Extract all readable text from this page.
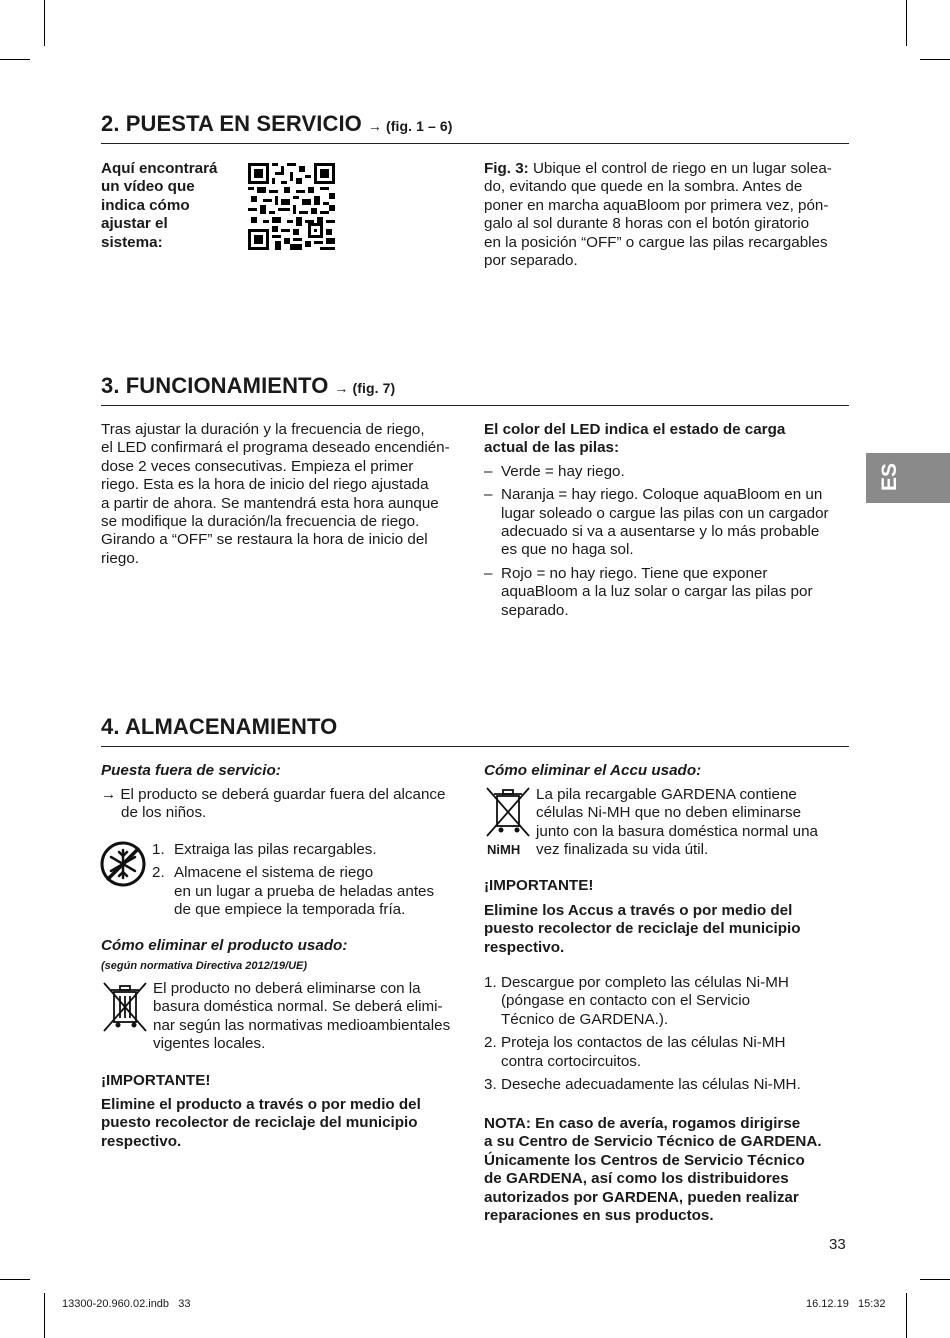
ES
2. PUESTA EN SERVICIO → (fig. 1 – 6)
Aquí encontrará
un vídeo que
indica cómo
ajustar el
sistema:
Fig. 3: Ubique el control de riego en un lugar solea-
do, evitando que quede en la sombra. Antes de
poner en marcha aquaBloom por primera vez, pón-
galo al sol durante 8 horas con el botón giratorio
en la posición “OFF” o cargue las pilas recargables
por separado.
3. FUNCIONAMIENTO → (fig. 7)
Tras ajustar la duración y la frecuencia de riego,
el LED confirmará el programa deseado encendién-
dose 2 veces consecutivas. Empieza el primer
riego. Esta es la hora de inicio del riego ajustada
a partir de ahora. Se mantendrá esta hora aunque
se modifique la duración/la frecuencia de riego.
Girando a “OFF” se restaura la hora de inicio del
riego.
El color del LED indica el estado de carga
actual de las pilas:
– Verde = hay riego.
– Naranja = hay riego. Coloque aquaBloom en un
lugar soleado o cargue las pilas con un cargador
adecuado si va a ausentarse y lo más probable
es que no haga sol.
– Rojo = no hay riego. Tiene que exponer
aquaBloom a la luz solar o cargar las pilas por
separado.
4. ALMACENAMIENTO
Puesta fuera de servicio:
→ El producto se deberá guardar fuera del alcance
de los niños.
1. Extraiga las pilas recargables.
2. Almacene el sistema de riego
en un lugar a prueba de heladas antes
de que empiece la temporada fría.
Cómo eliminar el producto usado:
(según normativa Directiva 2012/19/UE)
El producto no deberá eliminarse con la
basura doméstica normal. Se deberá elimi-
nar según las normativas medioambientales
vigentes locales.
¡IMPORTANTE!
Elimine el producto a través o por medio del
puesto recolector de reciclaje del municipio
respectivo.
Cómo eliminar el Accu usado:
NiMH
La pila recargable GARDENA contiene
células Ni-MH que no deben eliminarse
junto con la basura doméstica normal una
vez finalizada su vida útil.
¡IMPORTANTE!
Elimine los Accus a través o por medio del
puesto recolector de reciclaje del municipio
respectivo.
1. Descargue por completo las células Ni-MH
(póngase en contacto con el Servicio
Técnico de GARDENA.).
2. Proteja los contactos de las células Ni-MH
contra cortocircuitos.
3. Deseche adecuadamente las células Ni-MH.
NOTA: En caso de avería, rogamos dirigirse
a su Centro de Servicio Técnico de GARDENA.
Únicamente los Centros de Servicio Técnico
de GARDENA, así como los distribuidores
autorizados por GARDENA, pueden realizar
reparaciones en sus productos.
33
13300-20.960.02.indb   33	16.12.19   15:32
